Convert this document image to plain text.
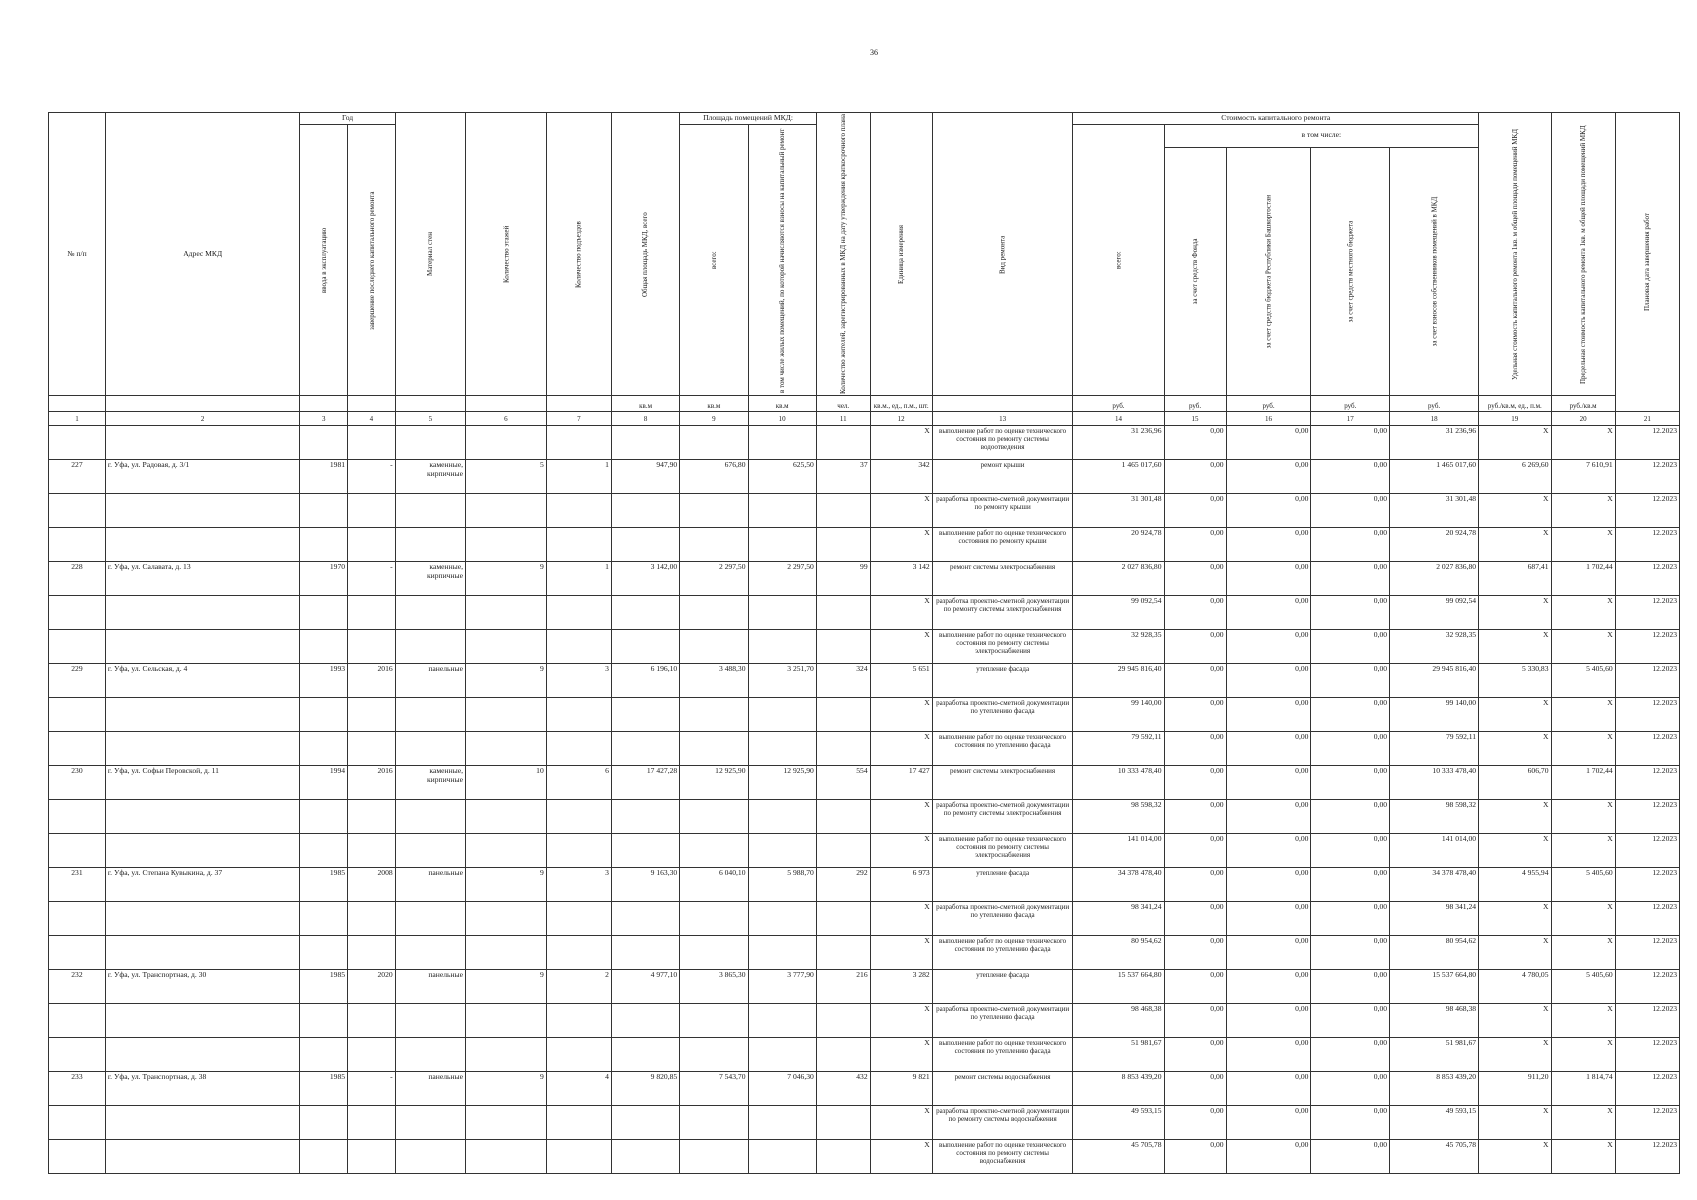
36
№ п/п	Адрес МКД	Год		Материал стен	Количество этажей	Количество подъездов	Общая площадь МКД, всего	Площадь помещений МКД:		Количество жителей, зарегистрированных в МКД на дату утверждения краткосрочного плана	Единица измерения	Вид ремонта	Стоимость капитального ремонта					Удельная стоимость капитального ремонта 1кв. м общей площади помещений МКД	Предельная стоимость капитального ремонта 1кв. м общей площади помещений МКД	Плановая дата завершения работ
		ввода в эксплуатацию	завершение последнего капитального ремонта					всего:	в том числе жилых помещений, по которой начисляются взносы на капитальный ремонт				всего:	в том числе:						
														за счет средств Фонда	за счет средств бюджета Республики Башкортостан	за счет средств местного бюджета	за счет взносов собственников помещений в МКД			
							кв.м	кв.м	кв.м	чел.	кв.м., ед., п.м., шт.		руб.	руб.	руб.	руб.	руб.	руб./кв.м, ед., п.м.	руб./кв.м	
1	2	3	4	5	6	7	8	9	10	11	12	13	14	15	16	17	18	19	20	21
											X	выполнение работ по оценке технического состояния по ремонту системы водоотведения	31 236,96	0,00	0,00	0,00	31 236,96	X	X	12.2023
227	г. Уфа, ул. Радовая, д. 3/1	1981	-	каменные, кирпичные	5	1	947,90	676,80	625,50	37	342	ремонт крыши	1 465 017,60	0,00	0,00	0,00	1 465 017,60	6 269,60	7 610,91	12.2023
											X	разработка проектно-сметной документации по ремонту крыши	31 301,48	0,00	0,00	0,00	31 301,48	X	X	12.2023
											X	выполнение работ по оценке технического состояния по ремонту крыши	20 924,78	0,00	0,00	0,00	20 924,78	X	X	12.2023
228	г. Уфа, ул. Салавата, д. 13	1970	-	каменные, кирпичные	9	1	3 142,00	2 297,50	2 297,50	99	3 142	ремонт системы электроснабжения	2 027 836,80	0,00	0,00	0,00	2 027 836,80	687,41	1 702,44	12.2023
											X	разработка проектно-сметной документации по ремонту системы электроснабжения	99 092,54	0,00	0,00	0,00	99 092,54	X	X	12.2023
											X	выполнение работ по оценке технического состояния по ремонту системы электроснабжения	32 928,35	0,00	0,00	0,00	32 928,35	X	X	12.2023
229	г. Уфа, ул. Сельская, д. 4	1993	2016	панельные	9	3	6 196,10	3 488,30	3 251,70	324	5 651	утепление фасада	29 945 816,40	0,00	0,00	0,00	29 945 816,40	5 330,83	5 405,60	12.2023
											X	разработка проектно-сметной документации по утеплению фасада	99 140,00	0,00	0,00	0,00	99 140,00	X	X	12.2023
											X	выполнение работ по оценке технического состояния по утеплению фасада	79 592,11	0,00	0,00	0,00	79 592,11	X	X	12.2023
230	г. Уфа, ул. Софьи Перовской, д. 11	1994	2016	каменные, кирпичные	10	6	17 427,28	12 925,90	12 925,90	554	17 427	ремонт системы электроснабжения	10 333 478,40	0,00	0,00	0,00	10 333 478,40	606,70	1 702,44	12.2023
											X	разработка проектно-сметной документации по ремонту системы электроснабжения	98 598,32	0,00	0,00	0,00	98 598,32	X	X	12.2023
											X	выполнение работ по оценке технического состояния по ремонту системы электроснабжения	141 014,00	0,00	0,00	0,00	141 014,00	X	X	12.2023
231	г. Уфа, ул. Степана Кувыкина, д. 37	1985	2008	панельные	9	3	9 163,30	6 040,10	5 988,70	292	6 973	утепление фасада	34 378 478,40	0,00	0,00	0,00	34 378 478,40	4 955,94	5 405,60	12.2023
											X	разработка проектно-сметной документации по утеплению фасада	98 341,24	0,00	0,00	0,00	98 341,24	X	X	12.2023
											X	выполнение работ по оценке технического состояния по утеплению фасада	80 954,62	0,00	0,00	0,00	80 954,62	X	X	12.2023
232	г. Уфа, ул. Транспортная, д. 30	1985	2020	панельные	9	2	4 977,10	3 865,30	3 777,90	216	3 282	утепление фасада	15 537 664,80	0,00	0,00	0,00	15 537 664,80	4 780,05	5 405,60	12.2023
											X	разработка проектно-сметной документации по утеплению фасада	98 468,38	0,00	0,00	0,00	98 468,38	X	X	12.2023
											X	выполнение работ по оценке технического состояния по утеплению фасада	51 981,67	0,00	0,00	0,00	51 981,67	X	X	12.2023
233	г. Уфа, ул. Транспортная, д. 38	1985	-	панельные	9	4	9 820,85	7 543,70	7 046,30	432	9 821	ремонт системы водоснабжения	8 853 439,20	0,00	0,00	0,00	8 853 439,20	911,20	1 814,74	12.2023
											X	разработка проектно-сметной документации по ремонту системы водоснабжения	49 593,15	0,00	0,00	0,00	49 593,15	X	X	12.2023
											X	выполнение работ по оценке технического состояния по ремонту системы водоснабжения	45 705,78	0,00	0,00	0,00	45 705,78	X	X	12.2023
